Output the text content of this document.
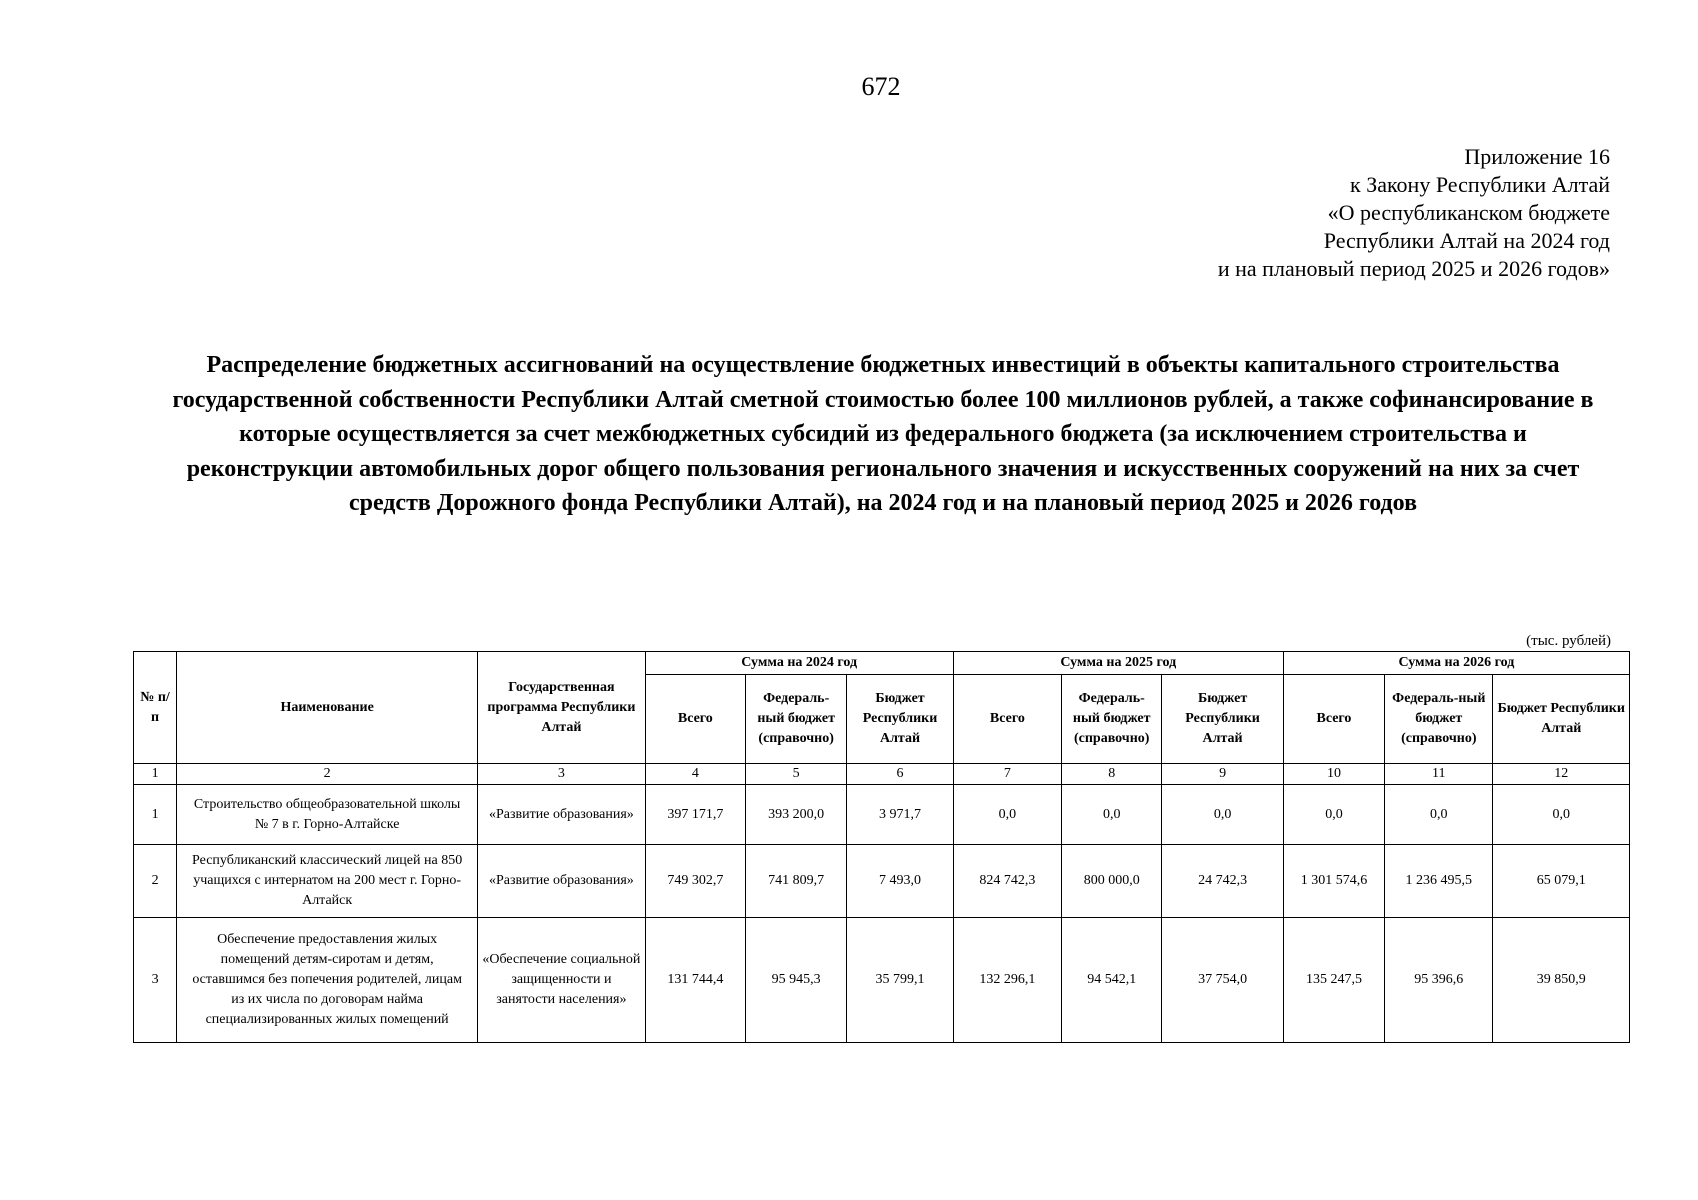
672
Приложение 16
к Закону Республики Алтай
«О республиканском бюджете
Республики Алтай на 2024 год
и на плановый период 2025 и 2026 годов»
Распределение бюджетных ассигнований на осуществление бюджетных инвестиций в объекты капитального строительства государственной собственности Республики Алтай сметной стоимостью более 100 миллионов рублей, а также софинансирование в которые осуществляется за счет межбюджетных субсидий из федерального бюджета (за исключением строительства и реконструкции автомобильных дорог общего пользования регионального значения и искусственных сооружений на них за счет средств Дорожного фонда Республики Алтай), на 2024 год и на плановый период 2025 и 2026 годов
(тыс. рублей)
№ п/п	Наименование	Государственная программа Республики Алтай	Сумма на 2024 год			Сумма на 2025 год			Сумма на 2026 год		
			Всего	Федераль-ный бюджет (справочно)	Бюджет Республики Алтай	Всего	Федераль-ный бюджет (справочно)	Бюджет Республики Алтай	Всего	Федераль-ный бюджет (справочно)	Бюджет Республики Алтай
1	2	3	4	5	6	7	8	9	10	11	12
1	Строительство общеобразовательной школы № 7 в г. Горно-Алтайске	«Развитие образования»	397 171,7	393 200,0	3 971,7	0,0	0,0	0,0	0,0	0,0	0,0
2	Республиканский классический лицей на 850 учащихся с интернатом на 200 мест г. Горно-Алтайск	«Развитие образования»	749 302,7	741 809,7	7 493,0	824 742,3	800 000,0	24 742,3	1 301 574,6	1 236 495,5	65 079,1
3	Обеспечение предоставления жилых помещений детям-сиротам и детям, оставшимся без попечения родителей, лицам из их числа по договорам найма специализированных жилых помещений	«Обеспечение социальной защищенности и занятости населения»	131 744,4	95 945,3	35 799,1	132 296,1	94 542,1	37 754,0	135 247,5	95 396,6	39 850,9
